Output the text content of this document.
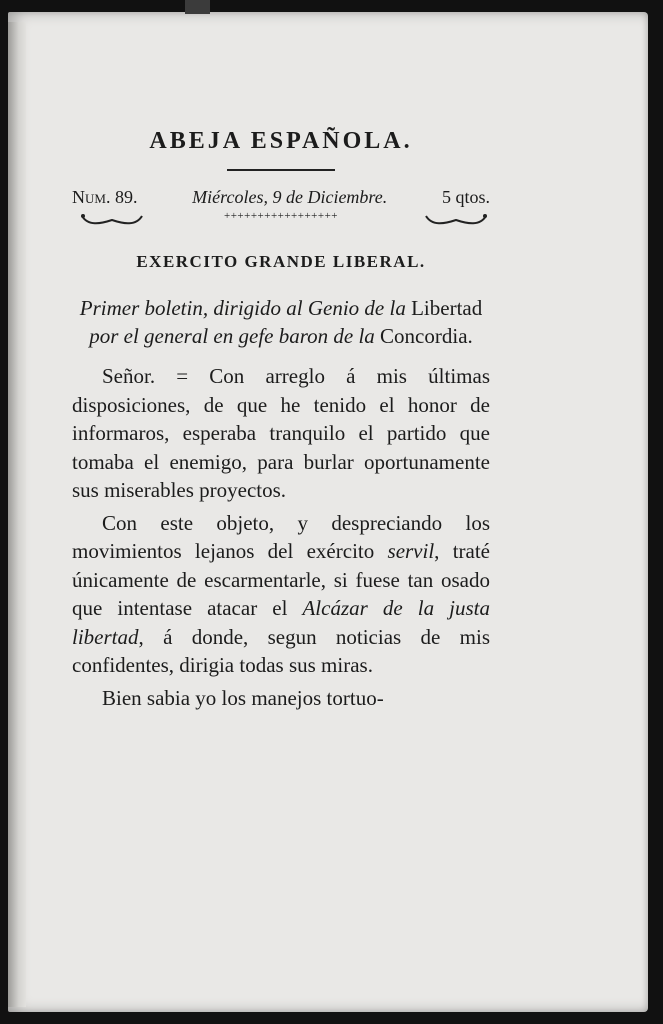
ABEJA ESPAÑOLA.
Num. 89.	Miércoles, 9 de Diciembre.	5 qtos.
+++++++++++++++++
EXERCITO GRANDE LIBERAL.
Primer boletin, dirigido al Genio de la Libertad por el general en gefe baron de la Concordia.

Señor. = Con arreglo á mis últimas disposiciones, de que he tenido el honor de informaros, esperaba tranquilo el partido que tomaba el enemigo, para burlar oportunamente sus miserables proyectos.

Con este objeto, y despreciando los movimientos lejanos del exército servil, traté únicamente de escarmentarle, si fuese tan osado que intentase atacar el Alcázar de la justa libertad, á donde, segun noticias de mis confidentes, dirigia todas sus miras.

Bien sabia yo los manejos tortuo-
